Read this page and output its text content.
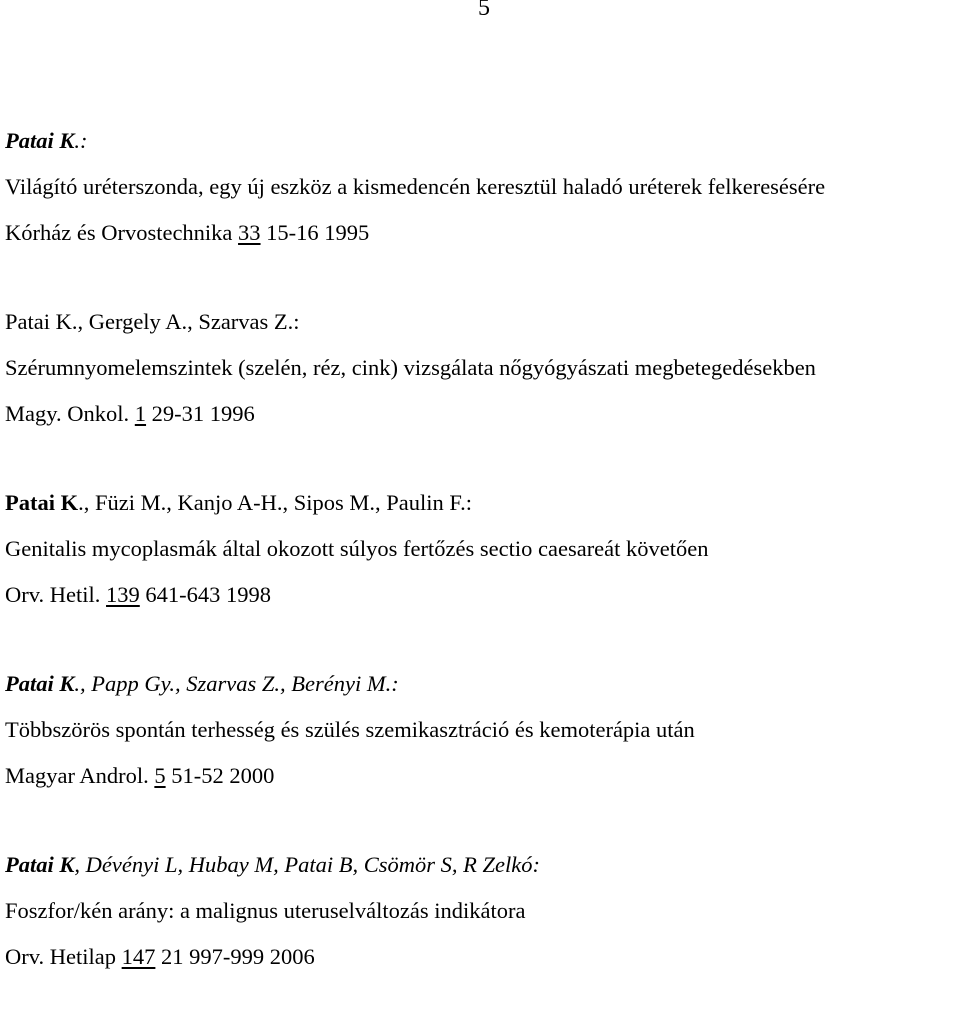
5
Patai K.:
Világító uréterszonda, egy új eszköz a kismedencén keresztül haladó uréterek felkeresésére
Kórház és Orvostechnika 33 15-16 1995
Patai K., Gergely A., Szarvas Z.:
Szérumnyomelemszintek (szelén, réz, cink) vizsgálata nőgyógyászati megbetegedésekben
Magy. Onkol. 1 29-31 1996
Patai K., Füzi M., Kanjo A-H., Sipos M., Paulin F.:
Genitalis mycoplasmák által okozott súlyos fertőzés sectio caesareát követően
Orv. Hetil. 139 641-643 1998
Patai K., Papp Gy., Szarvas Z., Berényi M.:
Többszörös spontán terhesség és szülés szemikasztráció és kemoterápia után
Magyar Androl. 5 51-52 2000
Patai K, Dévényi L, Hubay M, Patai B, Csömör S, R Zelkó:
Foszfor/kén arány: a malignus uteruselváltozás indikátora
Orv. Hetilap 147 21 997-999 2006
